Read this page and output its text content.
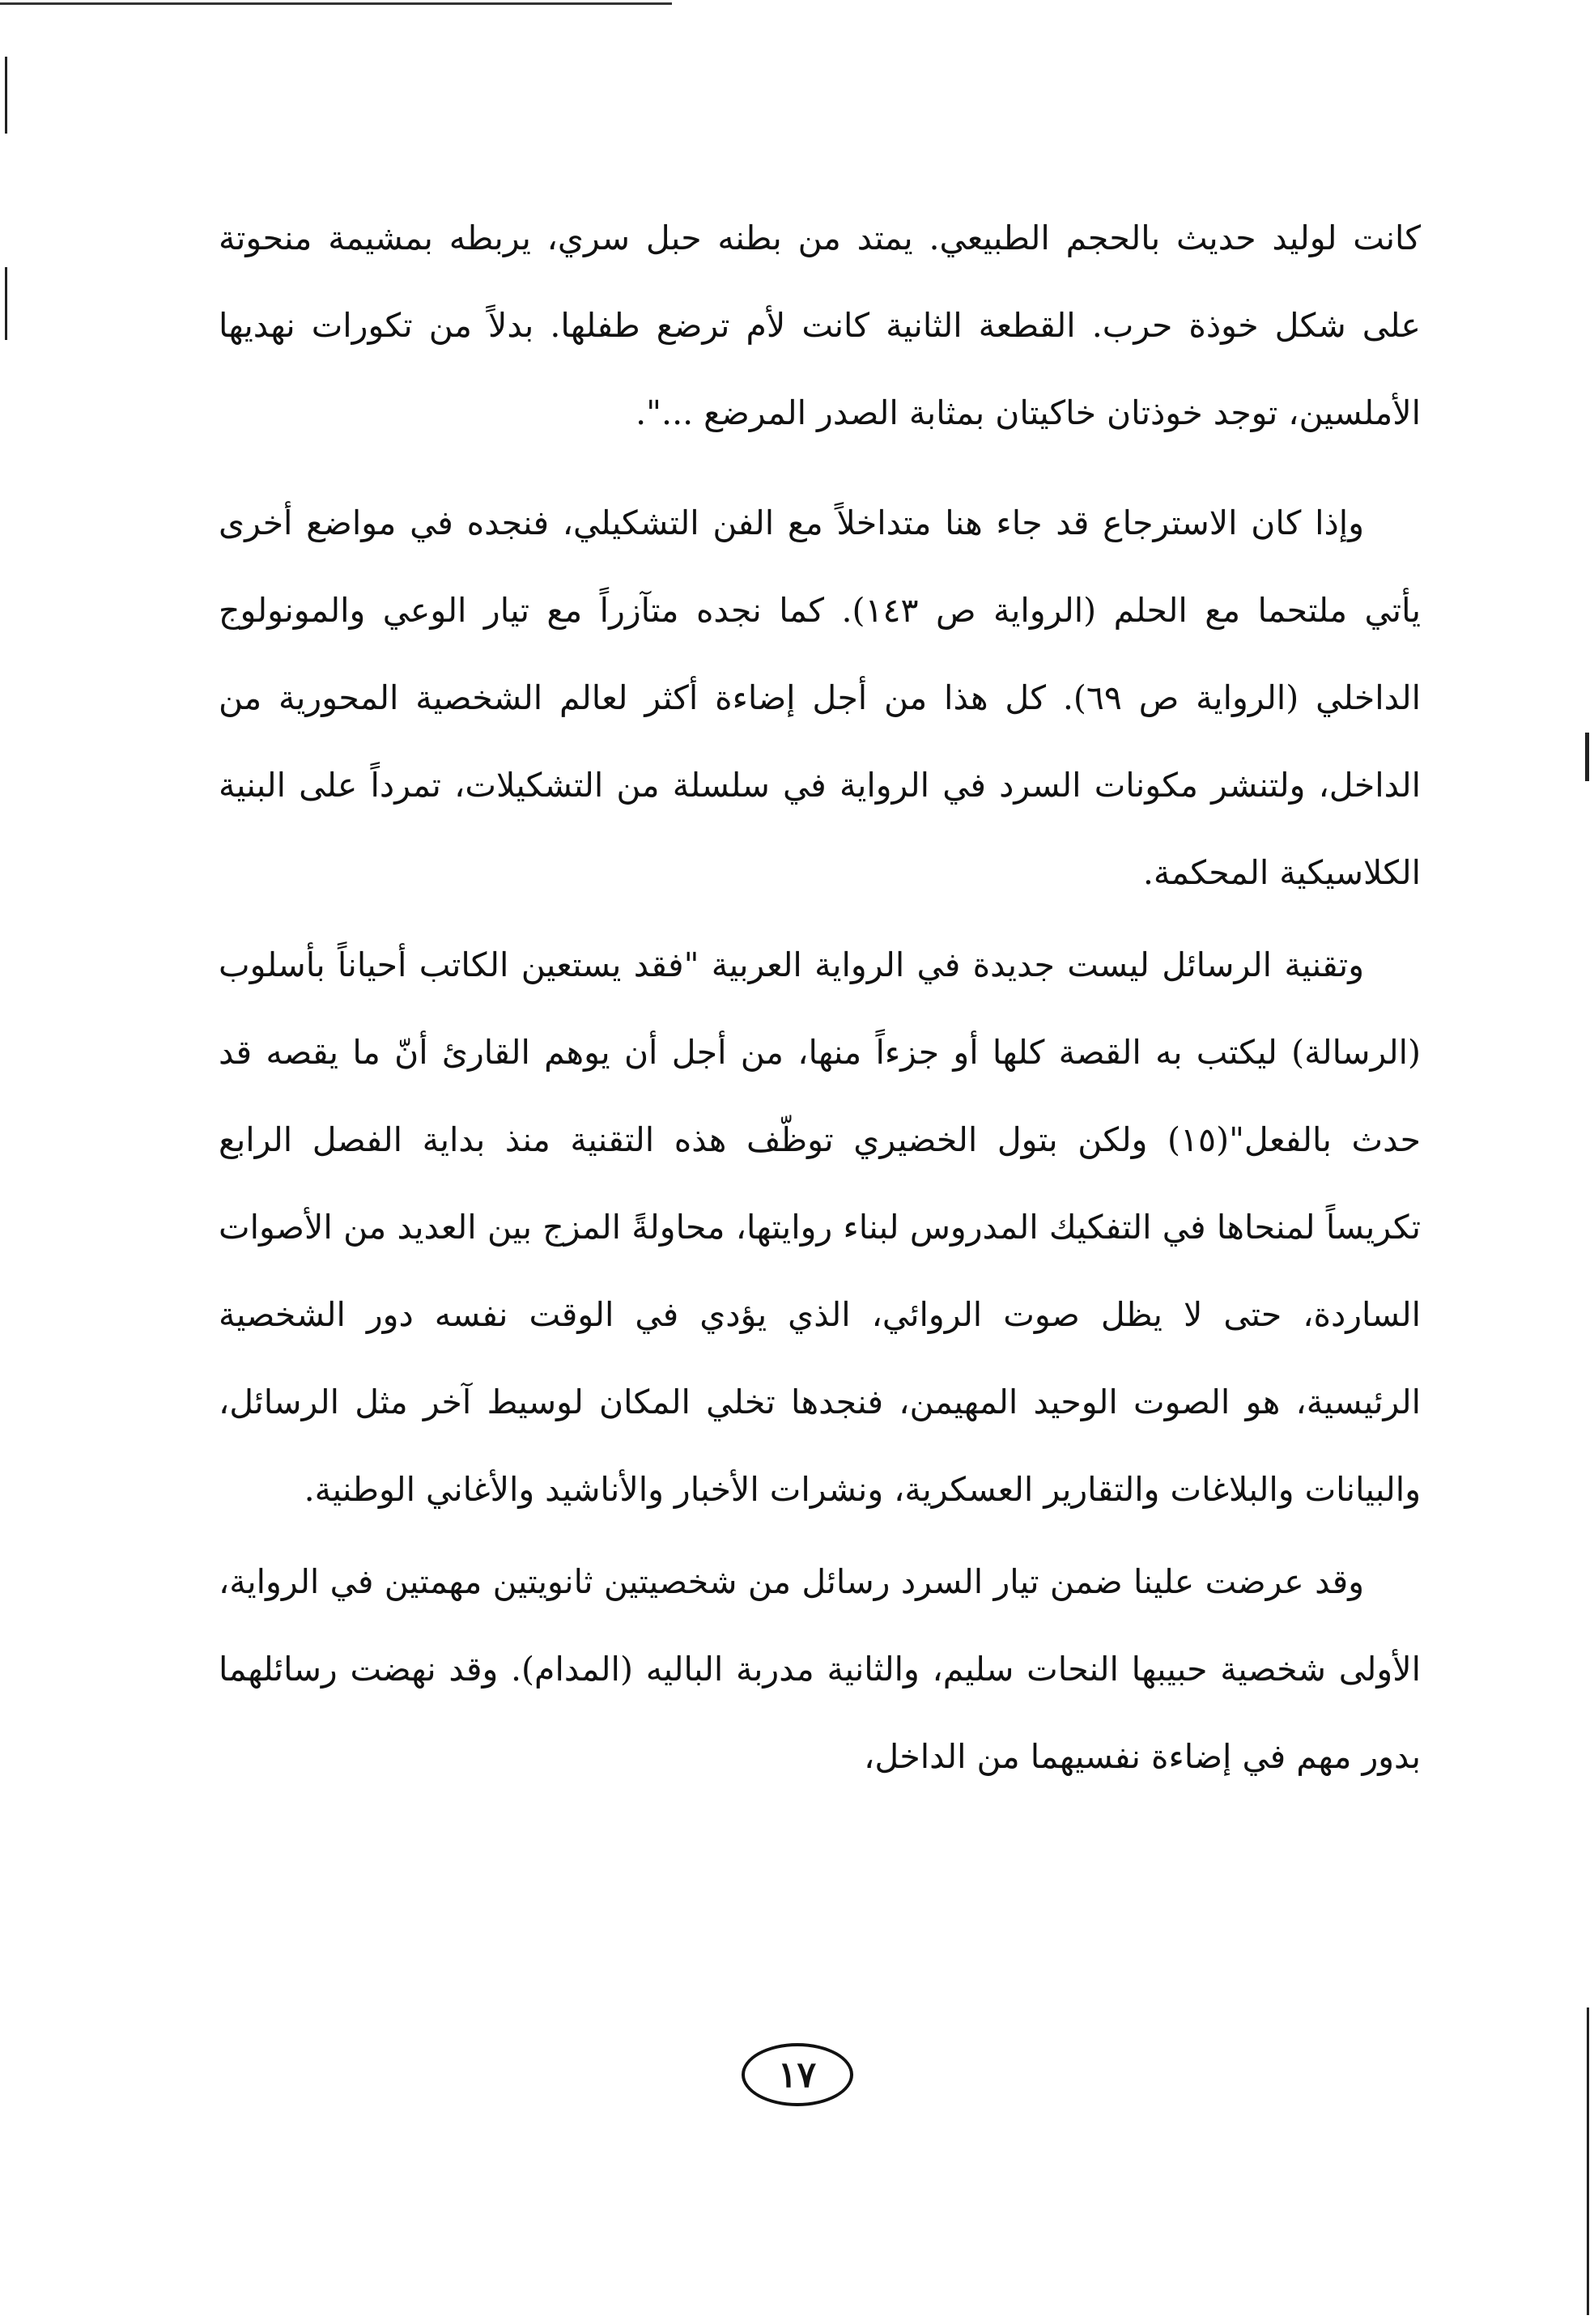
كانت لوليد حديث بالحجم الطبيعي. يمتد من بطنه حبل سري، يربطه بمشيمة منحوتة على شكل خوذة حرب. القطعة الثانية كانت لأم ترضع طفلها. بدلاً من تكورات نهديها الأملسين، توجد خوذتان خاكيتان بمثابة الصدر المرضع ...".

وإذا كان الاسترجاع قد جاء هنا متداخلاً مع الفن التشكيلي، فنجده في مواضع أخرى يأتي ملتحما مع الحلم (الرواية ص ١٤٣). كما نجده متآزراً مع تيار الوعي والمونولوج الداخلي (الرواية ص ٦٩). كل هذا من أجل إضاءة أكثر لعالم الشخصية المحورية من الداخل، ولتنشر مكونات السرد في الرواية في سلسلة من التشكيلات، تمرداً على البنية الكلاسيكية المحكمة.

وتقنية الرسائل ليست جديدة في الرواية العربية "فقد يستعين الكاتب أحياناً بأسلوب (الرسالة) ليكتب به القصة كلها أو جزءاً منها، من أجل أن يوهم القارئ أنّ ما يقصه قد حدث بالفعل"(١٥) ولكن بتول الخضيري توظّف هذه التقنية منذ بداية الفصل الرابع تكريساً لمنحاها في التفكيك المدروس لبناء روايتها، محاولةً المزج بين العديد من الأصوات الساردة، حتى لا يظل صوت الروائي، الذي يؤدي في الوقت نفسه دور الشخصية الرئيسية، هو الصوت الوحيد المهيمن، فنجدها تخلي المكان لوسيط آخر مثل الرسائل، والبيانات والبلاغات والتقارير العسكرية، ونشرات الأخبار والأناشيد والأغاني الوطنية.

وقد عرضت علينا ضمن تيار السرد رسائل من شخصيتين ثانويتين مهمتين في الرواية، الأولى شخصية حبيبها النحات سليم، والثانية مدربة الباليه (المدام). وقد نهضت رسائلهما بدور مهم في إضاءة نفسيهما من الداخل،

١٧
